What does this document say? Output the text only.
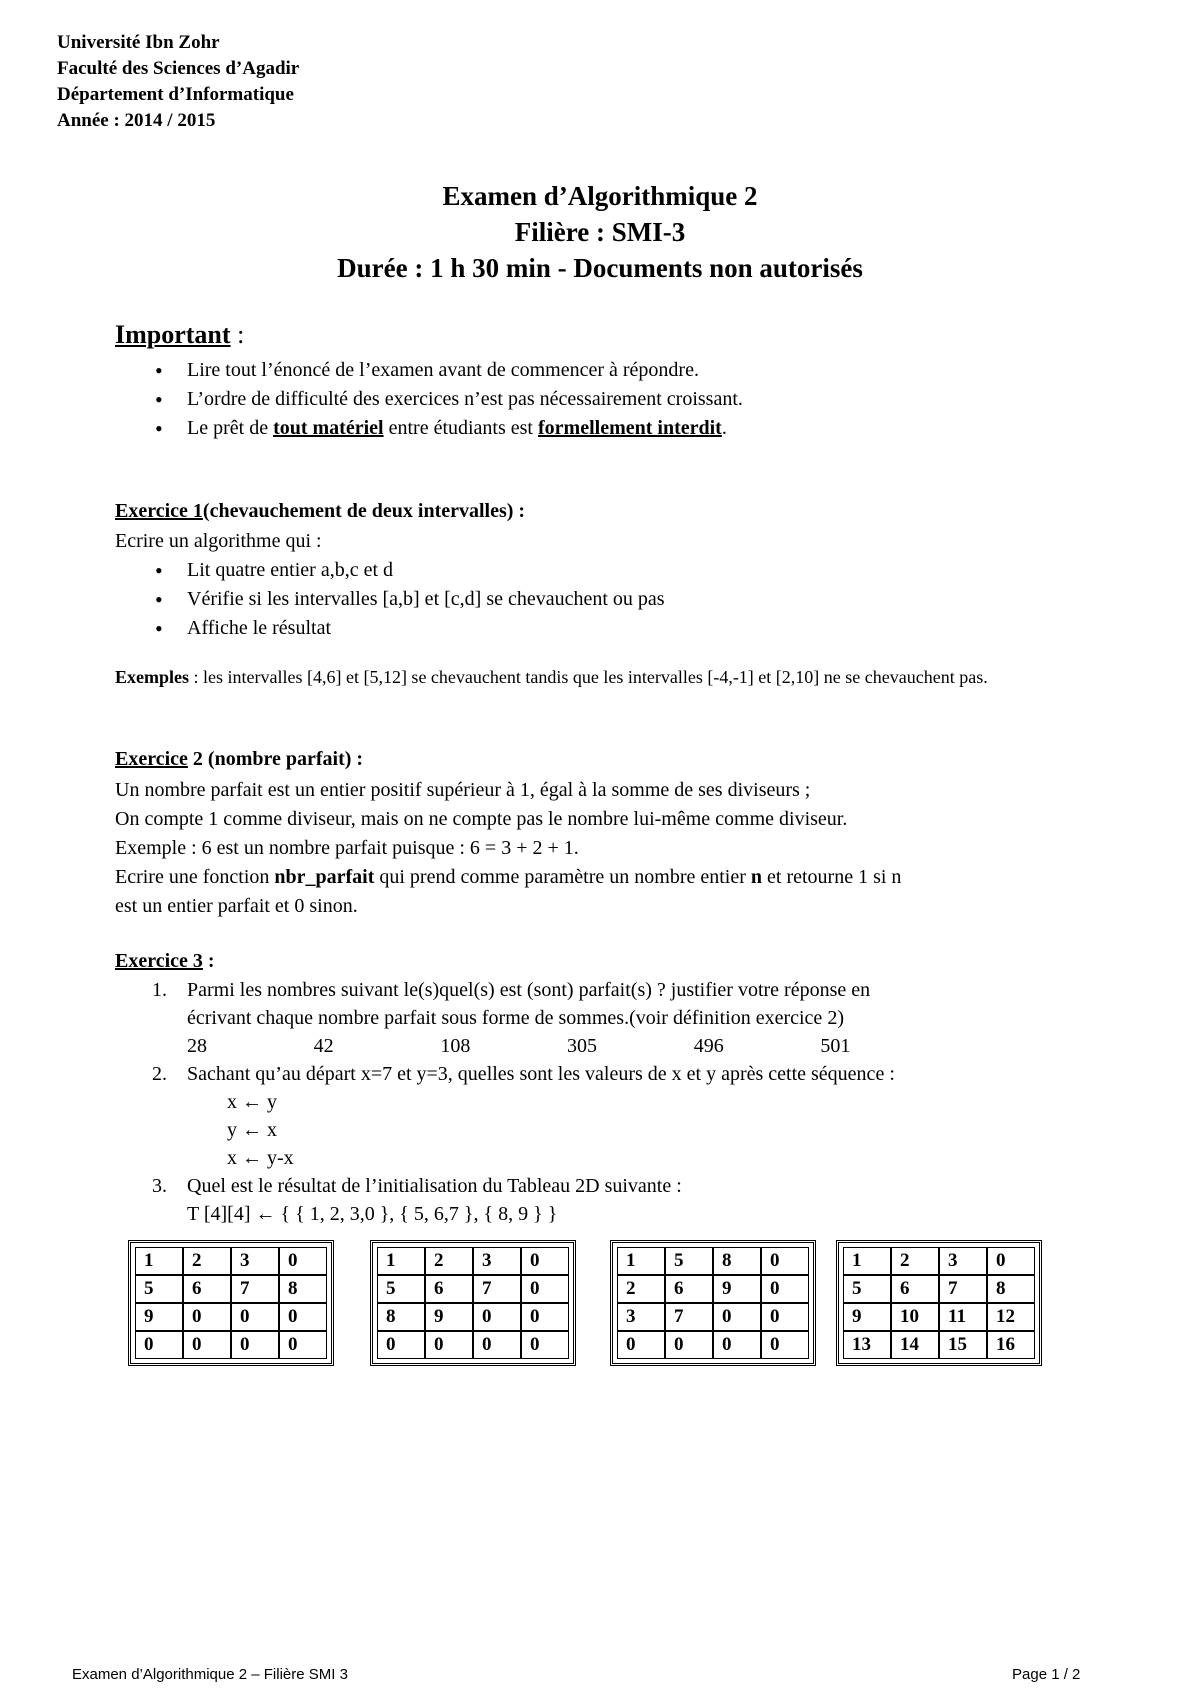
Université Ibn Zohr
Faculté des Sciences d’Agadir
Département d’Informatique
Année : 2014 / 2015
Examen d’Algorithmique 2
Filière : SMI-3
Durée : 1 h 30 min - Documents non autorisés
Important :
• Lire tout l’énoncé de l’examen avant de commencer à répondre.
• L’ordre de difficulté des exercices n’est pas nécessairement croissant.
• Le prêt de tout matériel entre étudiants est formellement interdit.
Exercice 1(chevauchement de deux intervalles) :
Ecrire un algorithme qui :
• Lit quatre entier a,b,c et d
• Vérifie si les intervalles [a,b] et [c,d] se chevauchent ou pas
• Affiche le résultat
Exemples : les intervalles [4,6] et [5,12] se chevauchent tandis que les intervalles [-4,-1] et [2,10] ne se chevauchent pas.
Exercice 2 (nombre parfait) :
Un nombre parfait est un entier positif supérieur à 1, égal à la somme de ses diviseurs ;
On compte 1 comme diviseur, mais on ne compte pas le nombre lui-même comme diviseur.
Exemple : 6 est un nombre parfait puisque : 6 = 3 + 2 + 1.
Ecrire une fonction nbr_parfait qui prend comme paramètre un nombre entier n et retourne 1 si n
est un entier parfait et 0 sinon.
Exercice 3 :
1. Parmi les nombres suivant le(s)quel(s) est (sont) parfait(s) ? justifier votre réponse en
écrivant chaque nombre parfait sous forme de sommes.(voir définition exercice 2)
28	42	108	305	496	501
2. Sachant qu’au départ x=7 et y=3, quelles sont les valeurs de x et y après cette séquence :
x ← y
y ← x
x ← y-x
3. Quel est le résultat de l’initialisation du Tableau 2D suivante :
T [4][4] ← { { 1, 2, 3,0 }, { 5, 6,7 }, { 8, 9 } }
1	2	3	0
5	6	7	8
9	0	0	0
0	0	0	0
1	2	3	0
5	6	7	0
8	9	0	0
0	0	0	0
1	5	8	0
2	6	9	0
3	7	0	0
0	0	0	0
1	2	3	0
5	6	7	8
9	10	11	12
13	14	15	16
Examen d’Algorithmique 2 – Filière SMI 3	Page 1 / 2
